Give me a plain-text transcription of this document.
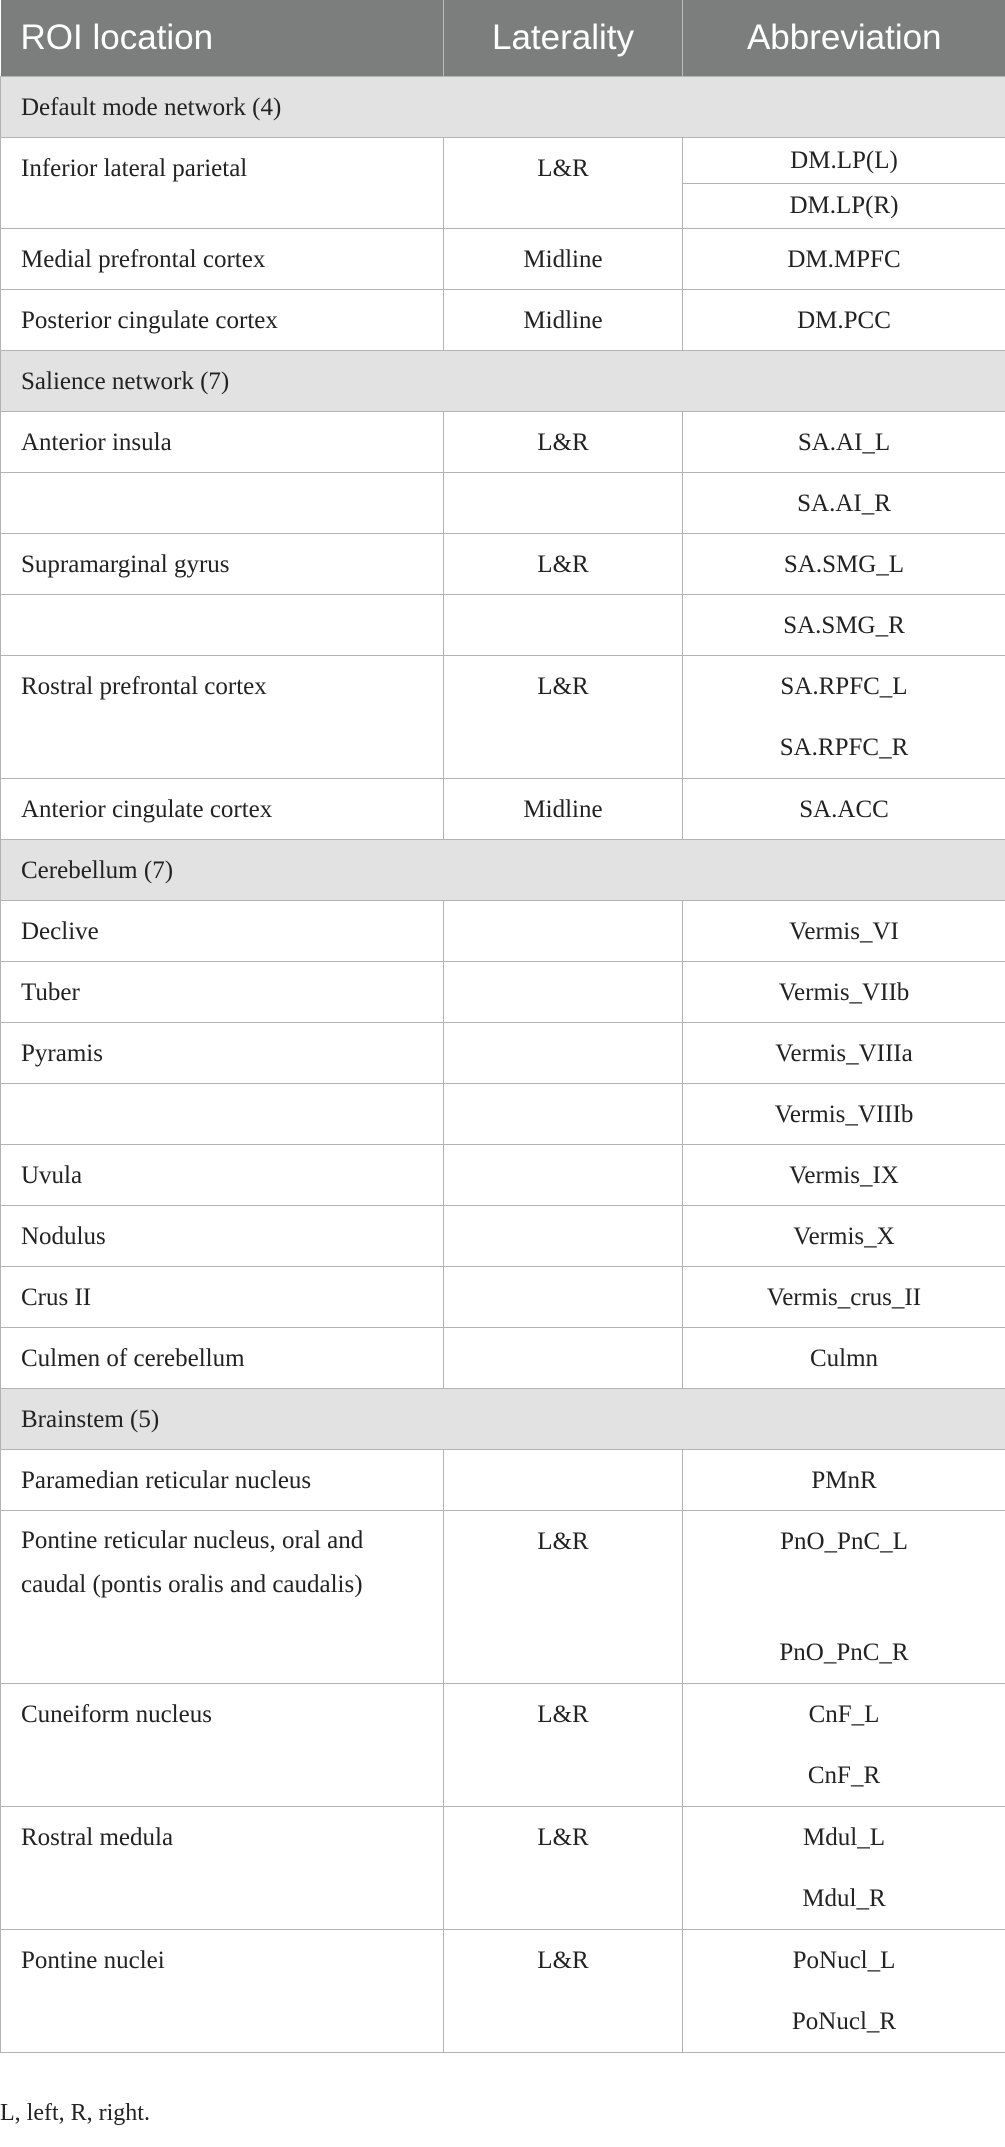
ROI location	Laterality	Abbreviation
Default mode network (4)		
Inferior lateral parietal	L&R	DM.LP(L)
DM.LP(R)

Medial prefrontal cortex	Midline	DM.MPFC
Posterior cingulate cortex	Midline	DM.PCC
Salience network (7)		
Anterior insula	L&R	SA.AI_L
		SA.AI_R
Supramarginal gyrus	L&R	SA.SMG_L
		SA.SMG_R
Rostral prefrontal cortex	L&R	SA.RPFC_L
SA.RPFC_R

Anterior cingulate cortex	Midline	SA.ACC
Cerebellum (7)		
Declive		Vermis_VI
Tuber		Vermis_VIIb
Pyramis		Vermis_VIIIa
		Vermis_VIIIb
Uvula		Vermis_IX
Nodulus		Vermis_X
Crus II		Vermis_crus_II
Culmen of cerebellum		Culmn
Brainstem (5)		
Paramedian reticular nucleus		PMnR
Pontine reticular nucleus, oral and caudal (pontis oralis and caudalis)	L&R	PnO_PnC_L
PnO_PnC_R

Cuneiform nucleus	L&R	CnF_L
CnF_R

Rostral medula	L&R	Mdul_L
Mdul_R

Pontine nuclei	L&R	PoNucl_L
PoNucl_R
L, left, R, right.
